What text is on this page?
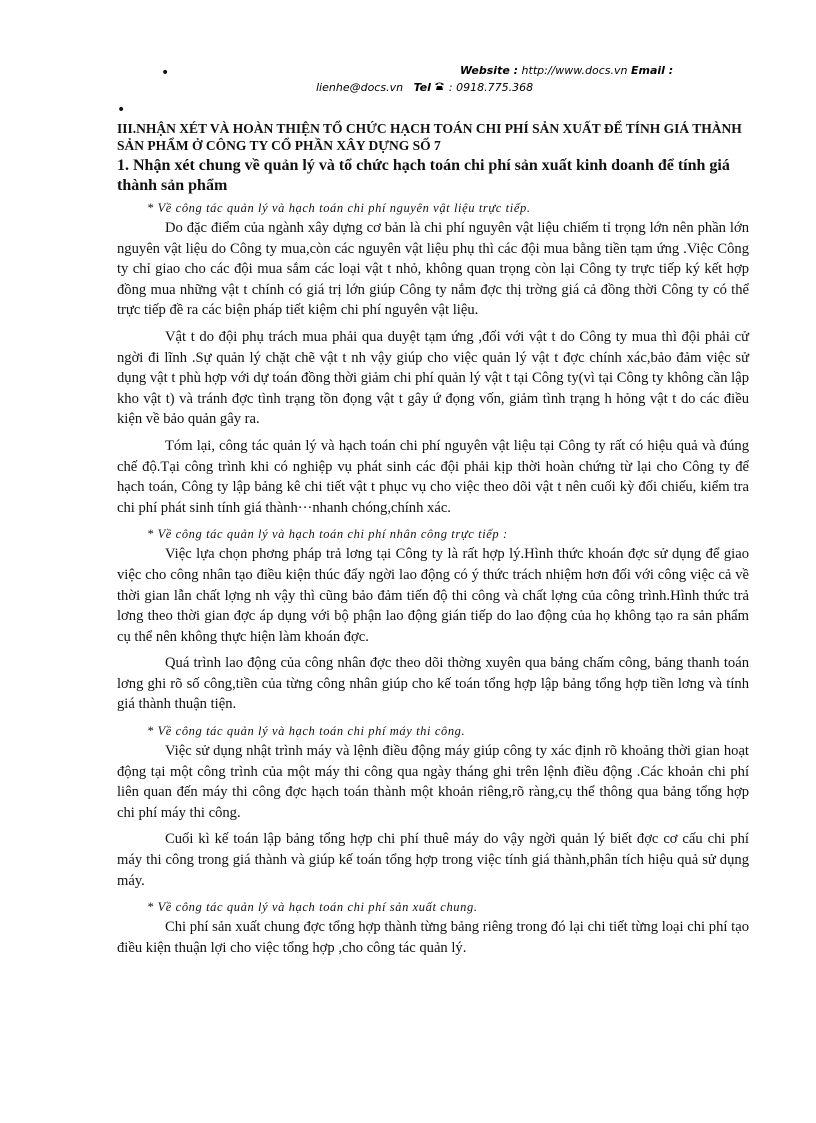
•	Website : http://www.docs.vn Email :
lienhe@docs.vn Tel : 0918.775.368
•

III.NHẬN XÉT VÀ HOÀN THIỆN TỔ CHỨC HẠCH TOÁN CHI PHÍ SẢN XUẤT ĐỂ TÍNH GIÁ THÀNH SẢN PHẨM Ở CÔNG TY CỔ PHẦN XÂY DỰNG SỐ 7

1. Nhận xét chung về quản lý và tổ chức hạch toán chi phí sản xuất kinh doanh để tính giá thành sản phẩm

* Về công tác quản lý và hạch toán chi phí nguyên vật liệu trực tiếp.

Do đặc điểm của ngành xây dựng cơ bản là chi phí nguyên vật liệu chiếm tỉ trọng lớn nên phần lớn nguyên vật liệu do Công ty mua,còn các nguyên vật liệu phụ thì các đội mua bằng tiền tạm ứng .Việc Công ty chỉ giao cho các đội mua sắm các loại vật t nhỏ, không quan trọng còn lại Công ty trực tiếp ký kết hợp đồng mua những vật t chính có giá trị lớn giúp Công ty nắm đợc thị trờng giá cả đồng thời Công ty có thể trực tiếp đề ra các biện pháp tiết kiệm chi phí nguyên vật liệu.

Vật t do đội phụ trách mua phải qua duyệt tạm ứng ,đối với vật t do Công ty mua thì đội phải cử ngời đi lĩnh .Sự quản lý chặt chẽ vật t nh vậy giúp cho việc quản lý vật t đợc chính xác,bảo đảm việc sử dụng vật t phù hợp với dự toán đồng thời giảm chi phí quản lý vật t tại Công ty(vì tại Công ty không cần lập kho vật t) và tránh đợc tình trạng tồn đọng vật t gây ứ đọng vốn, giảm tình trạng h hỏng vật t do các điều kiện về bảo quản gây ra.

Tóm lại, công tác quản lý và hạch toán chi phí nguyên vật liệu tại Công ty rất có hiệu quả và đúng chế độ.Tại công trình khi có nghiệp vụ phát sinh các đội phải kịp thời hoàn chứng từ lại cho Công ty để hạch toán, Công ty lập bảng kê chi tiết vật t phục vụ cho việc theo dõi vật t nên cuối kỳ đối chiếu, kiểm tra chi phí phát sinh tính giá thành···nhanh chóng,chính xác.

* Về công tác quản lý và hạch toán chi phí nhân công trực tiếp :

Việc lựa chọn phơng pháp trả lơng tại Công ty là rất hợp lý.Hình thức khoán đợc sử dụng để giao việc cho công nhân tạo điều kiện thúc đẩy ngời lao động có ý thức trách nhiệm hơn đối với công việc cả về thời gian lẫn chất lợng nh vậy thì cũng bảo đảm tiến độ thi công và chất lợng của công trình.Hình thức trả lơng theo thời gian đợc áp dụng với bộ phận lao động gián tiếp do lao động của họ không tạo ra sản phẩm cụ thể nên không thực hiện làm khoán đợc.

Quá trình lao động của công nhân đợc theo dõi thờng xuyên qua bảng chấm công, bảng thanh toán lơng ghi rõ số công,tiền của từng công nhân giúp cho kế toán tổng hợp lập bảng tổng hợp tiền lơng và tính giá thành thuận tiện.

* Về công tác quản lý và hạch toán chi phí máy thi công.

Việc sử dụng nhật trình máy và lệnh điều động máy giúp công ty xác định rõ khoảng thời gian hoạt động tại một công trình của một máy thi công qua ngày tháng ghi trên lệnh điều động .Các khoản chi phí liên quan đến máy thi công đợc hạch toán thành một khoản riêng,rõ ràng,cụ thể thông qua bảng tổng hợp chi phí máy thi công.

Cuối kì kế toán lập bảng tổng hợp chi phí thuê máy do vậy ngời quản lý biết đợc cơ cấu chi phí máy thi công trong giá thành và giúp kế toán tổng hợp trong việc tính giá thành,phân tích hiệu quả sử dụng máy.

* Về công tác quản lý và hạch toán chi phí sản xuất chung.

Chi phí sản xuất chung đợc tổng hợp thành từng bảng riêng trong đó lại chi tiết từng loại chi phí tạo điều kiện thuận lợi cho việc tổng hợp ,cho công tác quản lý.
